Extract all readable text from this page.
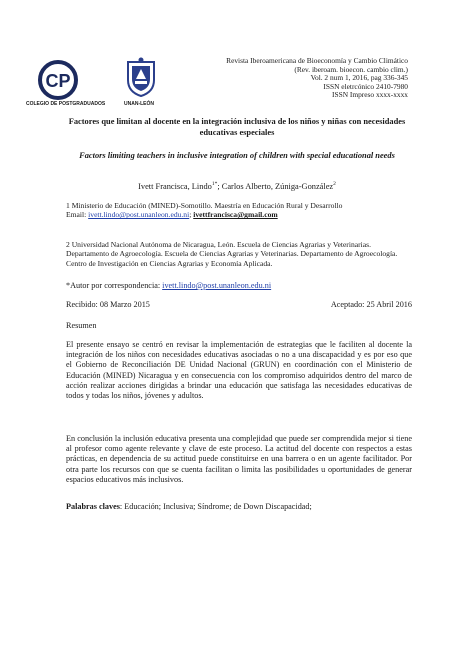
CP
COLEGIO DE POSTGRADUADOS	UNAN-LEÓN
Revista Iberoamericana de Bioeconomía y Cambio Climático
(Rev. iberoam. bioecon. cambio clim.)
Vol. 2 num 1, 2016, pag 336-345
ISSN eletrcónico 2410-7980
ISSN Impreso xxxx-xxxx
Factores que limitan al docente en la integración inclusiva de los niños y niñas con necesidades educativas especiales
Factors limiting teachers in inclusive integration of children with special educational needs
Ivett Francisca, Lindo$^{1*}$; Carlos Alberto, Zúniga-González$^2$
1 Ministerio de Educación (MINED)-Somotillo. Maestría en Educación Rural y Desarrollo
Email: ivett.lindo@post.unanleon.edu.ni; ivettfrancisca@gmail.com
2 Universidad Nacional Autónoma de Nicaragua, León. Escuela de Ciencias Agrarias y Veterinarias. Departamento de Agroecología. Escuela de Ciencias Agrarias y Veterinarias. Departamento de Agroecología. Centro de Investigación en Ciencias Agrarias y Economía Aplicada.
*Autor por correspondencia: ivett.lindo@post.unanleon.edu.ni
Recibido: 08 Marzo 2015	Aceptado: 25 Abril 2016
Resumen
El presente ensayo se centró en revisar la implementación de estrategias que le faciliten al docente la integración de los niños con necesidades educativas asociadas o no a una discapacidad y es por eso que el Gobierno de Reconciliación DE Unidad Nacional (GRUN) en coordinación con el Ministerio de Educación (MINED) Nicaragua y en consecuencia con los compromiso adquiridos dentro del marco de acción realizar acciones dirigidas a brindar una educación que satisfaga las necesidades educativas de todos y todas los niños, jóvenes y adultos.
En conclusión la inclusión educativa presenta una complejidad que puede ser comprendida mejor si tiene al profesor como agente relevante y clave de este proceso. La actitud del docente con respectos a estas prácticas, en dependencia de su actitud puede constituirse en una barrera o en un agente facilitador. Por otra parte los recursos con que se cuenta facilitan o limita las posibilidades u oportunidades de generar espacios educativos más inclusivos.
Palabras claves: Educación; Inclusiva; Síndrome; de Down Discapacidad;
